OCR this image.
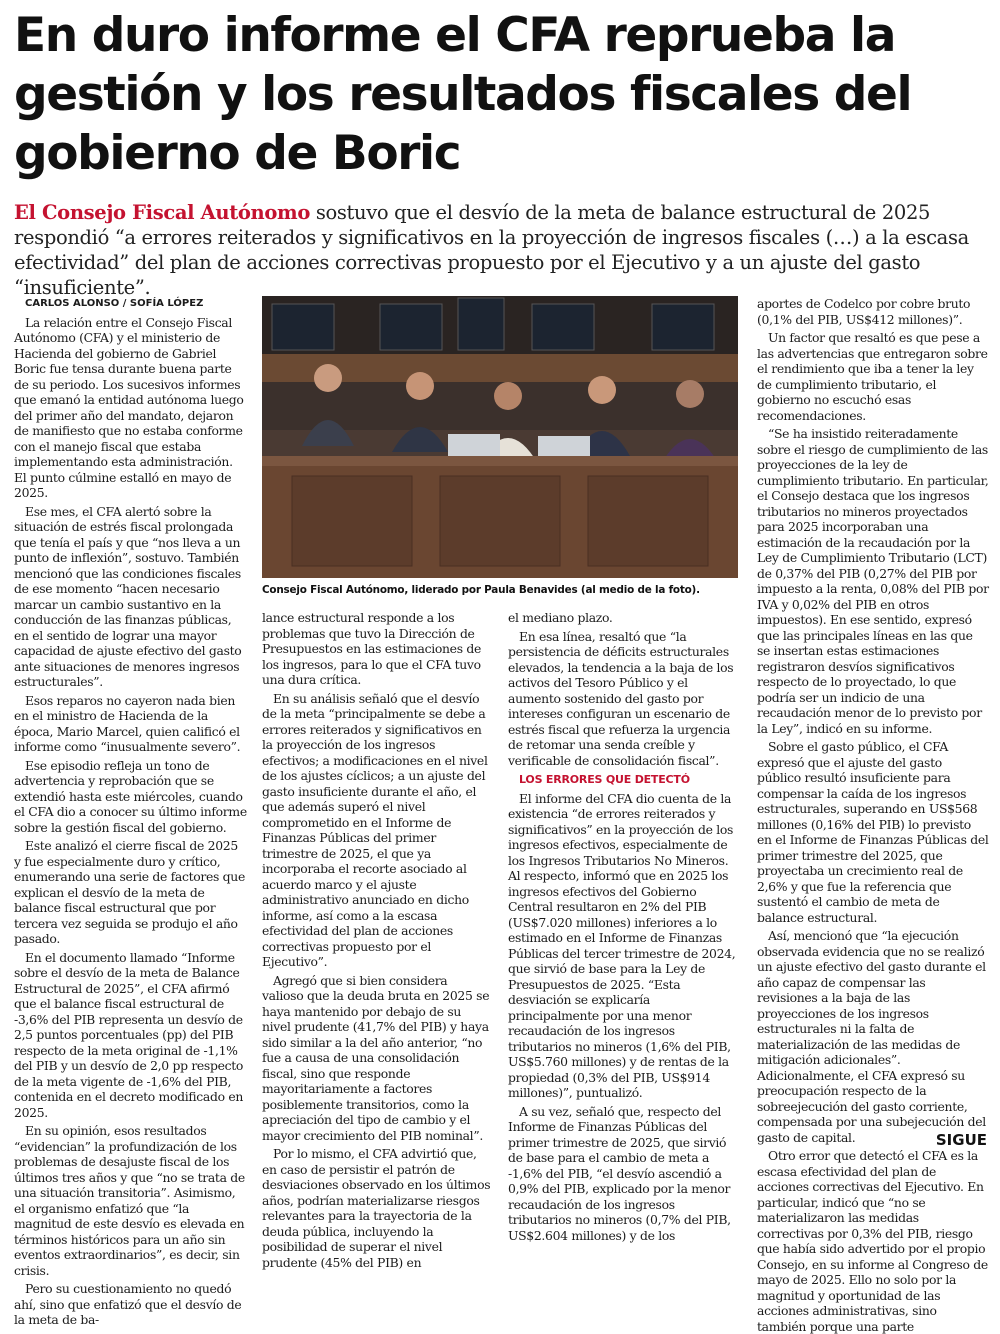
En duro informe el CFA reprueba la gestión y los resultados fiscales del gobierno de Boric
El Consejo Fiscal Autónomo sostuvo que el desvío de la meta de balance estructural de 2025 respondió “a errores reiterados y significativos en la proyección de ingresos fiscales (…) a la escasa efectividad” del plan de acciones correctivas propuesto por el Ejecutivo y a un ajuste del gasto “insuficiente”.

CARLOS ALONSO / SOFÍA LÓPEZ

La relación entre el Consejo Fiscal Autónomo (CFA) y el ministerio de Hacienda del gobierno de Gabriel Boric fue tensa durante buena parte de su periodo. Los sucesivos informes que emanó la entidad autónoma luego del primer año del mandato, dejaron de manifiesto que no estaba conforme con el manejo fiscal que estaba implementando esta administración. El punto cúlmine estalló en mayo de 2025.

Ese mes, el CFA alertó sobre la situación de estrés fiscal prolongada que tenía el país y que “nos lleva a un punto de inflexión”, sostuvo. También mencionó que las condiciones fiscales de ese momento “hacen necesario marcar un cambio sustantivo en la conducción de las finanzas públicas, en el sentido de lograr una mayor capacidad de ajuste efectivo del gasto ante situaciones de menores ingresos estructurales”.

Esos reparos no cayeron nada bien en el ministro de Hacienda de la época, Mario Marcel, quien calificó el informe como “inusualmente severo”.

Ese episodio refleja un tono de advertencia y reprobación que se extendió hasta este miércoles, cuando el CFA dio a conocer su último informe sobre la gestión fiscal del gobierno.

Este analizó el cierre fiscal de 2025 y fue especialmente duro y crítico, enumerando una serie de factores que explican el desvío de la meta de balance fiscal estructural que por tercera vez seguida se produjo el año pasado.

En el documento llamado “Informe sobre el desvío de la meta de Balance Estructural de 2025”, el CFA afirmó que el balance fiscal estructural de -3,6% del PIB representa un desvío de 2,5 puntos porcentuales (pp) del PIB respecto de la meta original de -1,1% del PIB y un desvío de 2,0 pp respecto de la meta vigente de -1,6% del PIB, contenida en el decreto modificado en 2025.

En su opinión, esos resultados “evidencian” la profundización de los problemas de desajuste fiscal de los últimos tres años y que “no se trata de una situación transitoria”. Asimismo, el organismo enfatizó que “la magnitud de este desvío es elevada en términos históricos para un año sin eventos extraordinarios”, es decir, sin crisis.

Pero su cuestionamiento no quedó ahí, sino que enfatizó que el desvío de la meta de ba-

Consejo Fiscal Autónomo, liderado por Paula Benavides (al medio de la foto).

lance estructural responde a los problemas que tuvo la Dirección de Presupuestos en las estimaciones de los ingresos, para lo que el CFA tuvo una dura crítica.

En su análisis señaló que el desvío de la meta “principalmente se debe a errores reiterados y significativos en la proyección de los ingresos efectivos; a modificaciones en el nivel de los ajustes cíclicos; a un ajuste del gasto insuficiente durante el año, el que además superó el nivel comprometido en el Informe de Finanzas Públicas del primer trimestre de 2025, el que ya incorporaba el recorte asociado al acuerdo marco y el ajuste administrativo anunciado en dicho informe, así como a la escasa efectividad del plan de acciones correctivas propuesto por el Ejecutivo”.

Agregó que si bien considera valioso que la deuda bruta en 2025 se haya mantenido por debajo de su nivel prudente (41,7% del PIB) y haya sido similar a la del año anterior, “no fue a causa de una consolidación fiscal, sino que responde mayoritariamente a factores posiblemente transitorios, como la apreciación del tipo de cambio y el mayor crecimiento del PIB nominal”.

Por lo mismo, el CFA advirtió que, en caso de persistir el patrón de desviaciones observado en los últimos años, podrían materializarse riesgos relevantes para la trayectoria de la deuda pública, incluyendo la posibilidad de superar el nivel prudente (45% del PIB) en

el mediano plazo.

En esa línea, resaltó que “la persistencia de déficits estructurales elevados, la tendencia a la baja de los activos del Tesoro Público y el aumento sostenido del gasto por intereses configuran un escenario de estrés fiscal que refuerza la urgencia de retomar una senda creíble y verificable de consolidación fiscal”.

LOS ERRORES QUE DETECTÓ

El informe del CFA dio cuenta de la existencia “de errores reiterados y significativos” en la proyección de los ingresos efectivos, especialmente de los Ingresos Tributarios No Mineros. Al respecto, informó que en 2025 los ingresos efectivos del Gobierno Central resultaron en 2% del PIB (US$7.020 millones) inferiores a lo estimado en el Informe de Finanzas Públicas del tercer trimestre de 2024, que sirvió de base para la Ley de Presupuestos de 2025. “Esta desviación se explicaría principalmente por una menor recaudación de los ingresos tributarios no mineros (1,6% del PIB, US$5.760 millones) y de rentas de la propiedad (0,3% del PIB, US$914 millones)”, puntualizó.

A su vez, señaló que, respecto del Informe de Finanzas Públicas del primer trimestre de 2025, que sirvió de base para el cambio de meta a -1,6% del PIB, “el desvío ascendió a 0,9% del PIB, explicado por la menor recaudación de los ingresos tributarios no mineros (0,7% del PIB, US$2.604 millones) y de los

aportes de Codelco por cobre bruto (0,1% del PIB, US$412 millones)”.

Un factor que resaltó es que pese a las advertencias que entregaron sobre el rendimiento que iba a tener la ley de cumplimiento tributario, el gobierno no escuchó esas recomendaciones.

“Se ha insistido reiteradamente sobre el riesgo de cumplimiento de las proyecciones de la ley de cumplimiento tributario. En particular, el Consejo destaca que los ingresos tributarios no mineros proyectados para 2025 incorporaban una estimación de la recaudación por la Ley de Cumplimiento Tributario (LCT) de 0,37% del PIB (0,27% del PIB por impuesto a la renta, 0,08% del PIB por IVA y 0,02% del PIB en otros impuestos). En ese sentido, expresó que las principales líneas en las que se insertan estas estimaciones registraron desvíos significativos respecto de lo proyectado, lo que podría ser un indicio de una recaudación menor de lo previsto por la Ley”, indicó en su informe.

Sobre el gasto público, el CFA expresó que el ajuste del gasto público resultó insuficiente para compensar la caída de los ingresos estructurales, superando en US$568 millones (0,16% del PIB) lo previsto en el Informe de Finanzas Públicas del primer trimestre del 2025, que proyectaba un crecimiento real de 2,6% y que fue la referencia que sustentó el cambio de meta de balance estructural.

Así, mencionó que “la ejecución observada evidencia que no se realizó un ajuste efectivo del gasto durante el año capaz de compensar las revisiones a la baja de las proyecciones de los ingresos estructurales ni la falta de materialización de las medidas de mitigación adicionales”. Adicionalmente, el CFA expresó su preocupación respecto de la sobreejecución del gasto corriente, compensada por una subejecución del gasto de capital.

Otro error que detectó el CFA es la escasa efectividad del plan de acciones correctivas del Ejecutivo. En particular, indicó que “no se materializaron las medidas correctivas por 0,3% del PIB, riesgo que había sido advertido por el propio Consejo, en su informe al Congreso de mayo de 2025. Ello no solo por la magnitud y oportunidad de las acciones administrativas, sino también porque una parte

SIGUE
